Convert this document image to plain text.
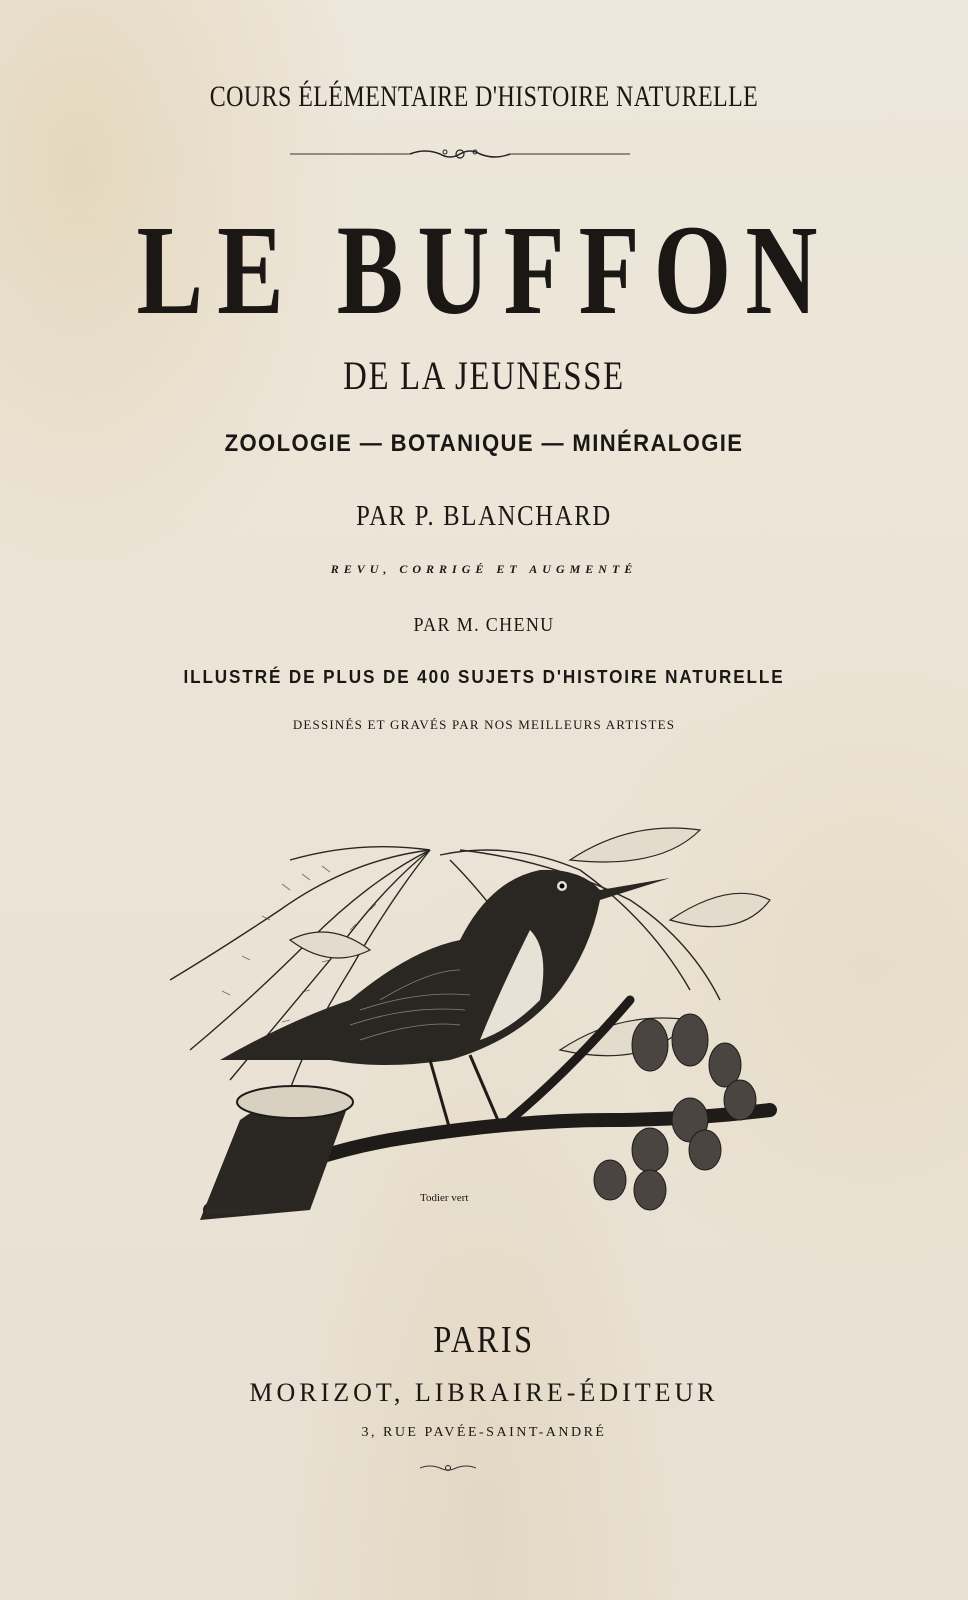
COURS ÉLÉMENTAIRE D'HISTOIRE NATURELLE
LE BUFFON
DE LA JEUNESSE
ZOOLOGIE — BOTANIQUE — MINÉRALOGIE
PAR P. BLANCHARD
REVU, CORRIGÉ ET AUGMENTÉ
PAR M. CHENU
ILLUSTRÉ DE PLUS DE 400 SUJETS D'HISTOIRE NATURELLE
DESSINÉS ET GRAVÉS PAR NOS MEILLEURS ARTISTES
CHEVAUCHET SC.
Todier vert
PARIS
MORIZOT, LIBRAIRE-ÉDITEUR
3, RUE PAVÉE-SAINT-ANDRÉ
